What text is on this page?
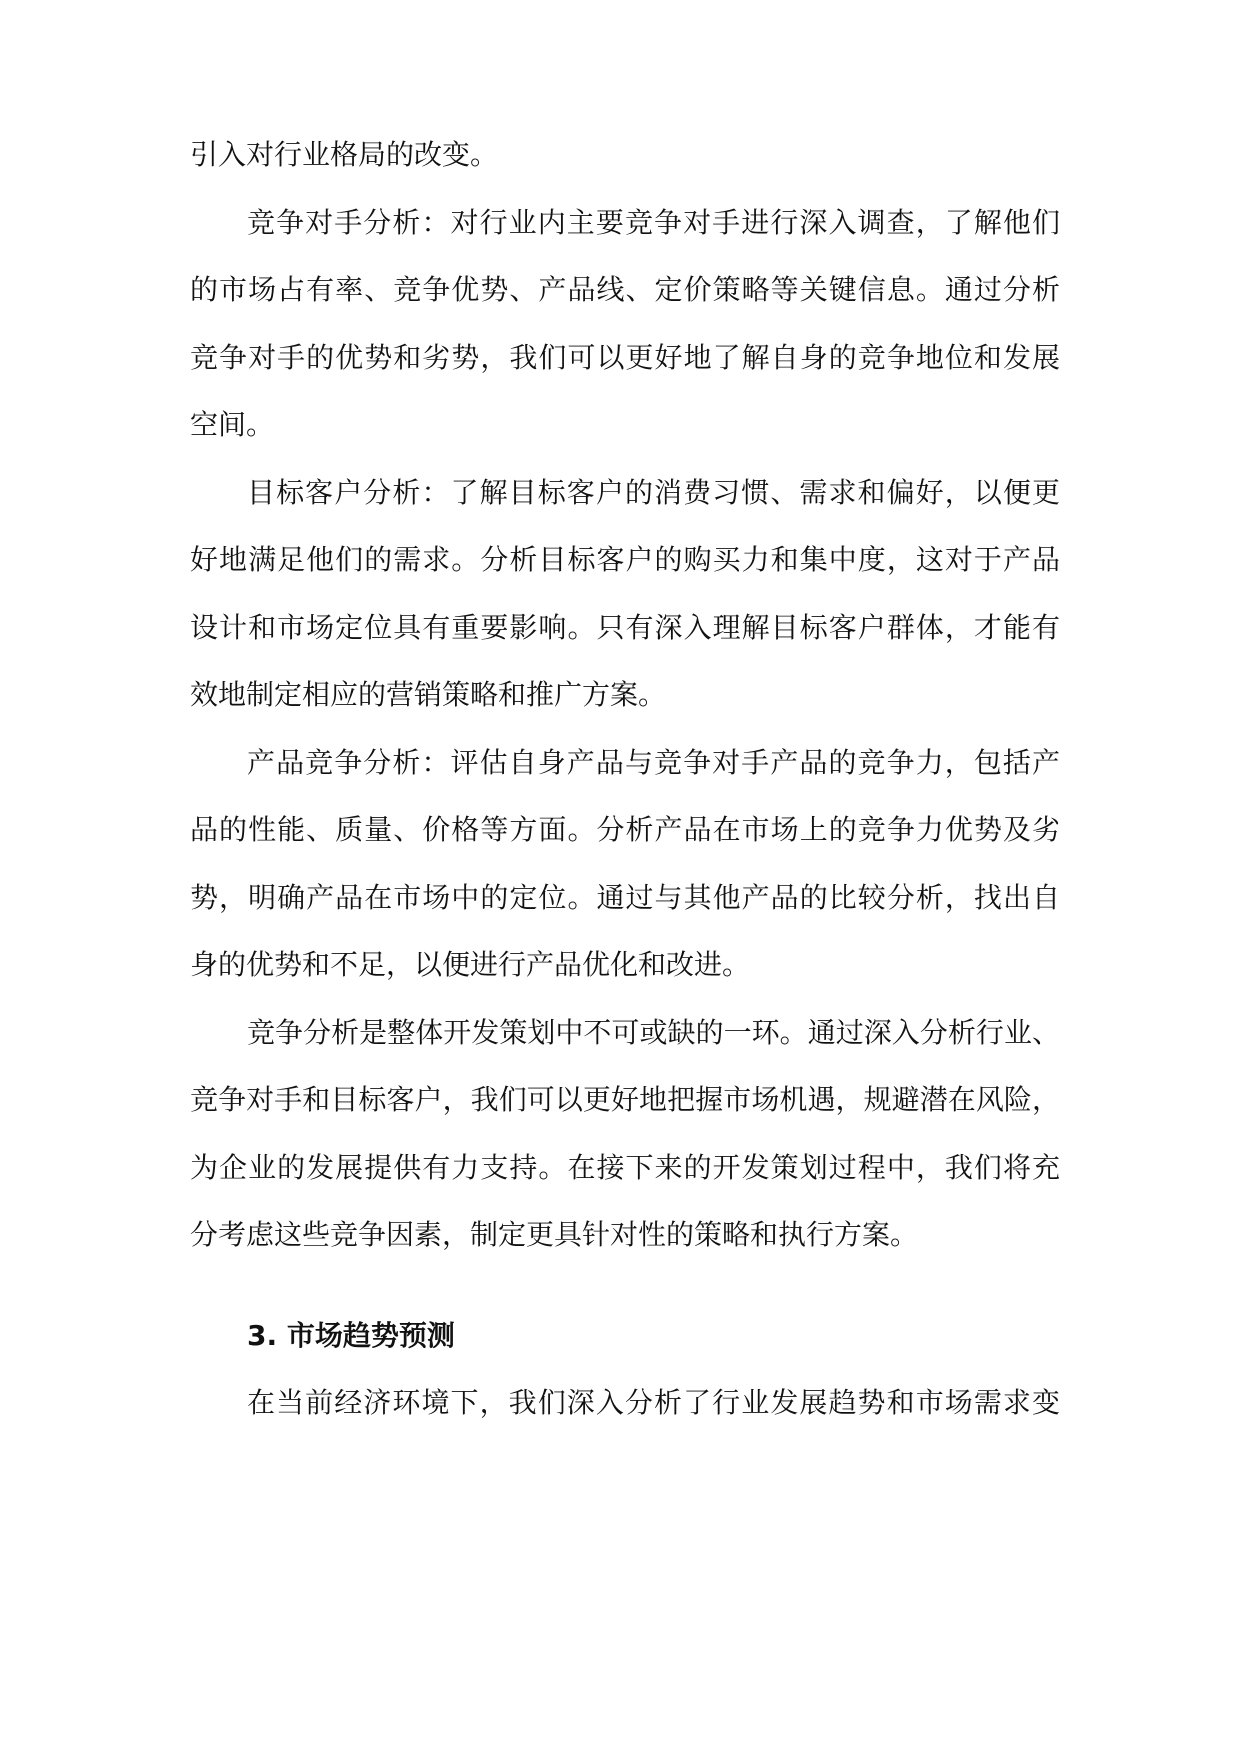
引入对行业格局的改变。
竞争对手分析：对行业内主要竞争对手进行深入调查，了解他们
的市场占有率、竞争优势、产品线、定价策略等关键信息。通过分析
竞争对手的优势和劣势，我们可以更好地了解自身的竞争地位和发展
空间。
目标客户分析：了解目标客户的消费习惯、需求和偏好，以便更
好地满足他们的需求。分析目标客户的购买力和集中度，这对于产品
设计和市场定位具有重要影响。只有深入理解目标客户群体，才能有
效地制定相应的营销策略和推广方案。
产品竞争分析：评估自身产品与竞争对手产品的竞争力，包括产
品的性能、质量、价格等方面。分析产品在市场上的竞争力优势及劣
势，明确产品在市场中的定位。通过与其他产品的比较分析，找出自
身的优势和不足，以便进行产品优化和改进。
竞争分析是整体开发策划中不可或缺的一环。通过深入分析行业、
竞争对手和目标客户，我们可以更好地把握市场机遇，规避潜在风险，
为企业的发展提供有力支持。在接下来的开发策划过程中，我们将充
分考虑这些竞争因素，制定更具针对性的策略和执行方案。
3. 市场趋势预测
在当前经济环境下，我们深入分析了行业发展趋势和市场需求变
